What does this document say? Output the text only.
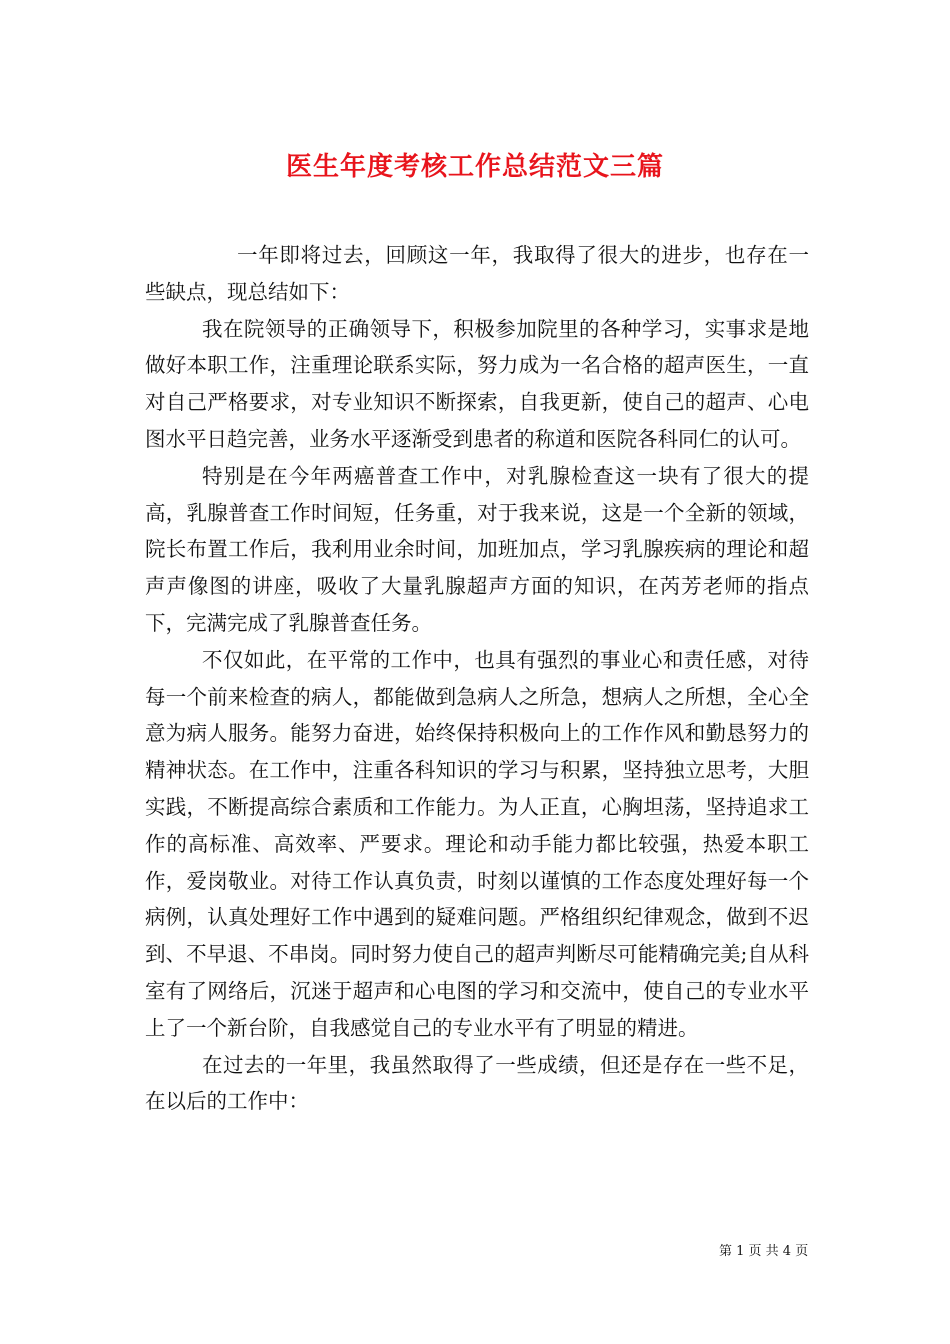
医生年度考核工作总结范文三篇

一年即将过去，回顾这一年，我取得了很大的进步，也存在一些缺点，现总结如下：

我在院领导的正确领导下，积极参加院里的各种学习，实事求是地做好本职工作，注重理论联系实际，努力成为一名合格的超声医生，一直对自己严格要求，对专业知识不断探索，自我更新，使自己的超声、心电图水平日趋完善，业务水平逐渐受到患者的称道和医院各科同仁的认可。

特别是在今年两癌普查工作中，对乳腺检查这一块有了很大的提高，乳腺普查工作时间短，任务重，对于我来说，这是一个全新的领域，院长布置工作后，我利用业余时间，加班加点，学习乳腺疾病的理论和超声声像图的讲座，吸收了大量乳腺超声方面的知识，在芮芳老师的指点下，完满完成了乳腺普查任务。

不仅如此，在平常的工作中，也具有强烈的事业心和责任感，对待每一个前来检查的病人，都能做到急病人之所急，想病人之所想，全心全意为病人服务。能努力奋进，始终保持积极向上的工作作风和勤恳努力的精神状态。在工作中，注重各科知识的学习与积累，坚持独立思考，大胆实践，不断提高综合素质和工作能力。为人正直，心胸坦荡，坚持追求工作的高标准、高效率、严要求。理论和动手能力都比较强，热爱本职工作，爱岗敬业。对待工作认真负责，时刻以谨慎的工作态度处理好每一个病例，认真处理好工作中遇到的疑难问题。严格组织纪律观念，做到不迟到、不早退、不串岗。同时努力使自己的超声判断尽可能精确完美;自从科室有了网络后，沉迷于超声和心电图的学习和交流中，使自己的专业水平上了一个新台阶，自我感觉自己的专业水平有了明显的精进。

在过去的一年里，我虽然取得了一些成绩，但还是存在一些不足，在以后的工作中：

第 1 页 共 4 页
